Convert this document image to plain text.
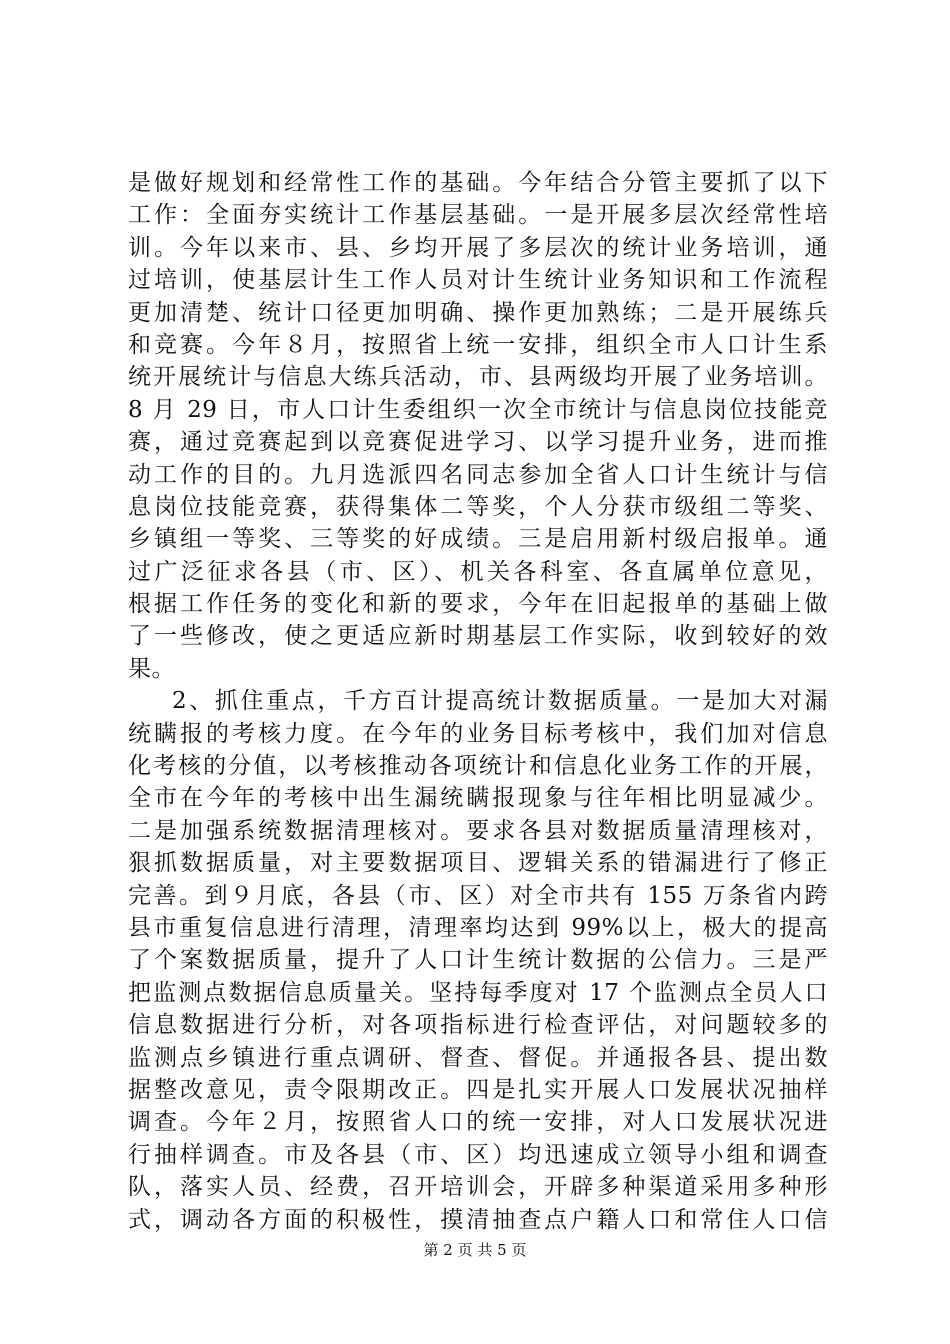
是做好规划和经常性工作的基础。今年结合分管主要抓了以下
工作：全面夯实统计工作基层基础。一是开展多层次经常性培
训。今年以来市、县、乡均开展了多层次的统计业务培训，通
过培训，使基层计生工作人员对计生统计业务知识和工作流程
更加清楚、统计口径更加明确、操作更加熟练；二是开展练兵
和竞赛。今年８月，按照省上统一安排，组织全市人口计生系
统开展统计与信息大练兵活动，市、县两级均开展了业务培训。
8 月 29 日，市人口计生委组织一次全市统计与信息岗位技能竞
赛，通过竞赛起到以竞赛促进学习、以学习提升业务，进而推
动工作的目的。九月选派四名同志参加全省人口计生统计与信
息岗位技能竞赛，获得集体二等奖，个人分获市级组二等奖、
乡镇组一等奖、三等奖的好成绩。三是启用新村级启报单。通
过广泛征求各县（市、区）、机关各科室、各直属单位意见，
根据工作任务的变化和新的要求，今年在旧起报单的基础上做
了一些修改，使之更适应新时期基层工作实际，收到较好的效
果。
2、抓住重点，千方百计提高统计数据质量。一是加大对漏
统瞒报的考核力度。在今年的业务目标考核中，我们加对信息
化考核的分值，以考核推动各项统计和信息化业务工作的开展，
全市在今年的考核中出生漏统瞒报现象与往年相比明显减少。
二是加强系统数据清理核对。要求各县对数据质量清理核对，
狠抓数据质量，对主要数据项目、逻辑关系的错漏进行了修正
完善。到９月底，各县（市、区）对全市共有 155 万条省内跨
县市重复信息进行清理，清理率均达到 99%以上，极大的提高
了个案数据质量，提升了人口计生统计数据的公信力。三是严
把监测点数据信息质量关。坚持每季度对 17 个监测点全员人口
信息数据进行分析，对各项指标进行检查评估，对问题较多的
监测点乡镇进行重点调研、督查、督促。并通报各县、提出数
据整改意见，责令限期改正。四是扎实开展人口发展状况抽样
调查。今年２月，按照省人口的统一安排，对人口发展状况进
行抽样调查。市及各县（市、区）均迅速成立领导小组和调查
队，落实人员、经费，召开培训会，开辟多种渠道采用多种形
式，调动各方面的积极性，摸清抽查点户籍人口和常住人口信
第 2 页 共 5 页
